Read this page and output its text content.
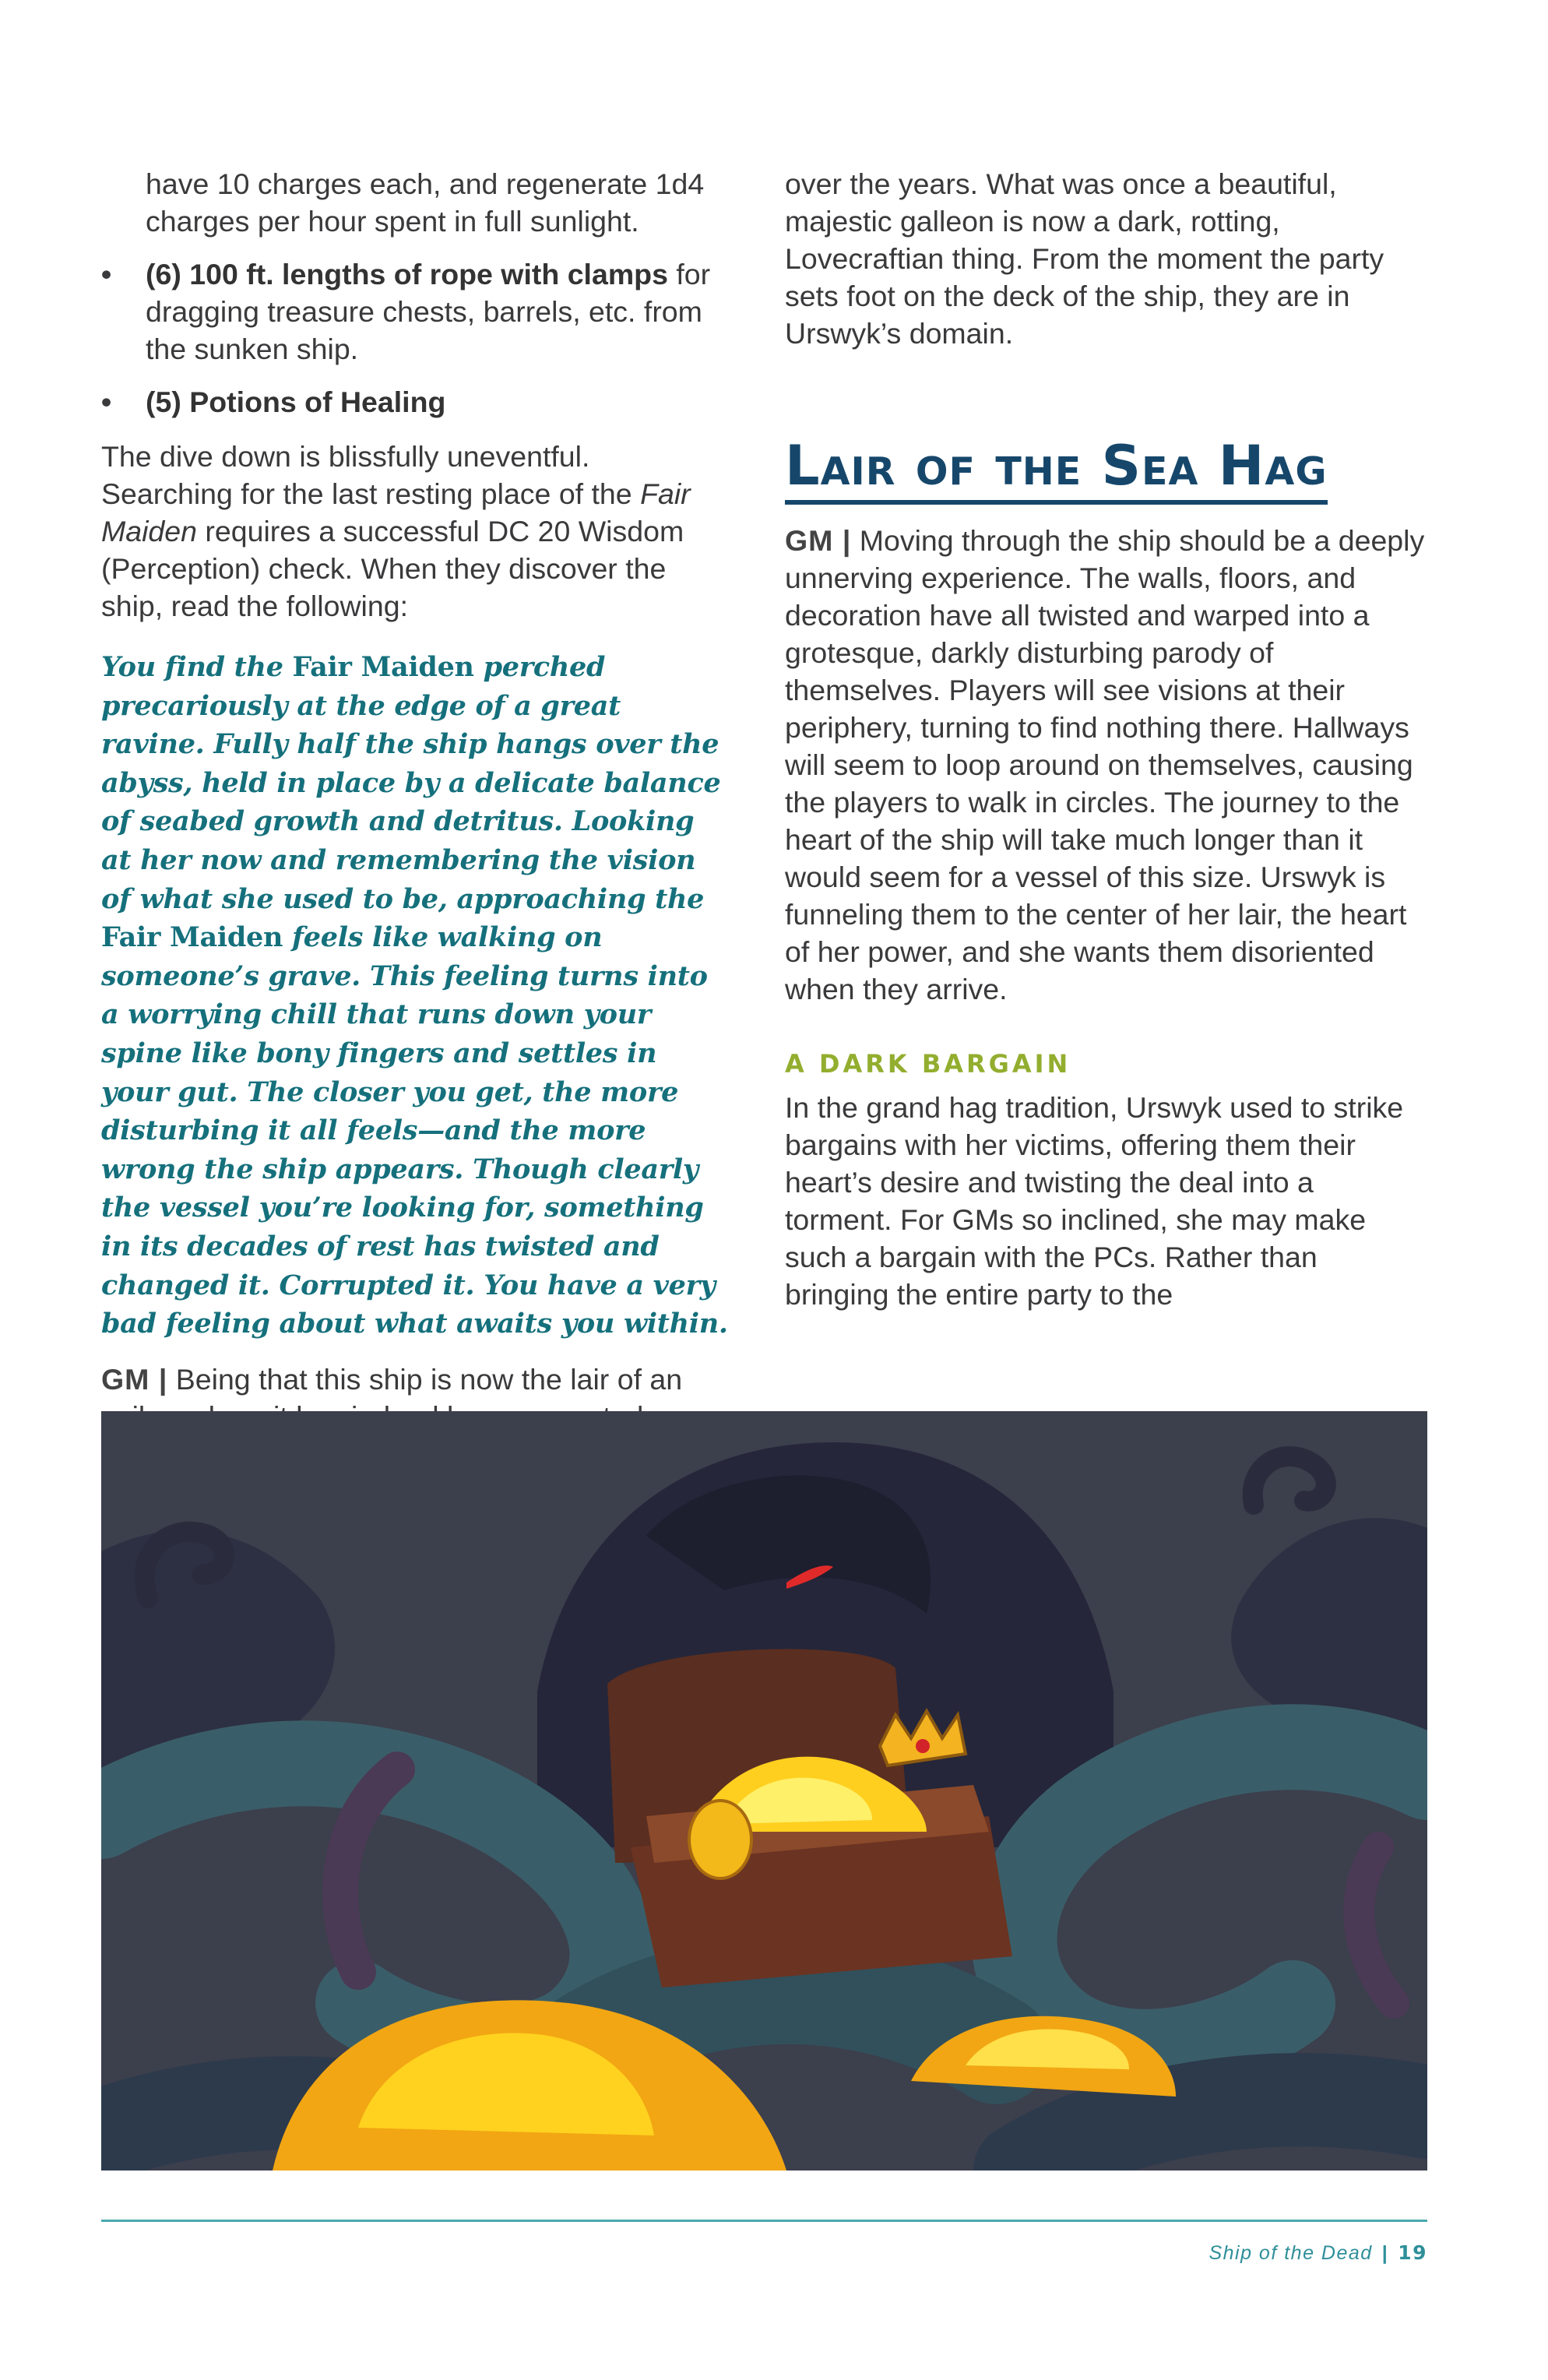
have 10 charges each, and regenerate 1d4 charges per hour spent in full sunlight.

• (6) 100 ft. lengths of rope with clamps for dragging treasure chests, barrels, etc. from the sunken ship.

• (5) Potions of Healing

The dive down is blissfully uneventful. Searching for the last resting place of the Fair Maiden requires a successful DC 20 Wisdom (Perception) check. When they discover the ship, read the following:

You find the Fair Maiden perched precariously at the edge of a great ravine. Fully half the ship hangs over the abyss, held in place by a delicate balance of seabed growth and detritus. Looking at her now and remembering the vision of what she used to be, approaching the Fair Maiden feels like walking on someone’s grave. This feeling turns into a worrying chill that runs down your spine like bony fingers and settles in your gut. The closer you get, the more disturbing it all feels—and the more wrong the ship appears. Though clearly the vessel you’re looking for, something in its decades of rest has twisted and changed it. Corrupted it. You have a very bad feeling about what awaits you within.

GM | Being that this ship is now the lair of an

over the years. What was once a beautiful, majestic galleon is now a dark, rotting, Lovecraftian thing. From the moment the party sets foot on the deck of the ship, they are in Urswyk’s domain.

Lair of the Sea Hag

GM | Moving through the ship should be a deeply unnerving experience. The walls, floors, and decoration have all twisted and warped into a grotesque, darkly disturbing parody of themselves. Players will see visions at their periphery, turning to find nothing there. Hallways will seem to loop around on themselves, causing the players to walk in circles. The journey to the heart of the ship will take much longer than it would seem for a vessel of this size. Urswyk is funneling them to the center of her lair, the heart of her power, and she wants them disoriented when they arrive.

A DARK BARGAIN

In the grand hag tradition, Urswyk used to strike bargains with her victims, offering them their heart’s desire and twisting the deal into a torment. For GMs so inclined, she may make such a bargain with the PCs. Rather than bringing the entire party to the

Ship of the Dead | 19
